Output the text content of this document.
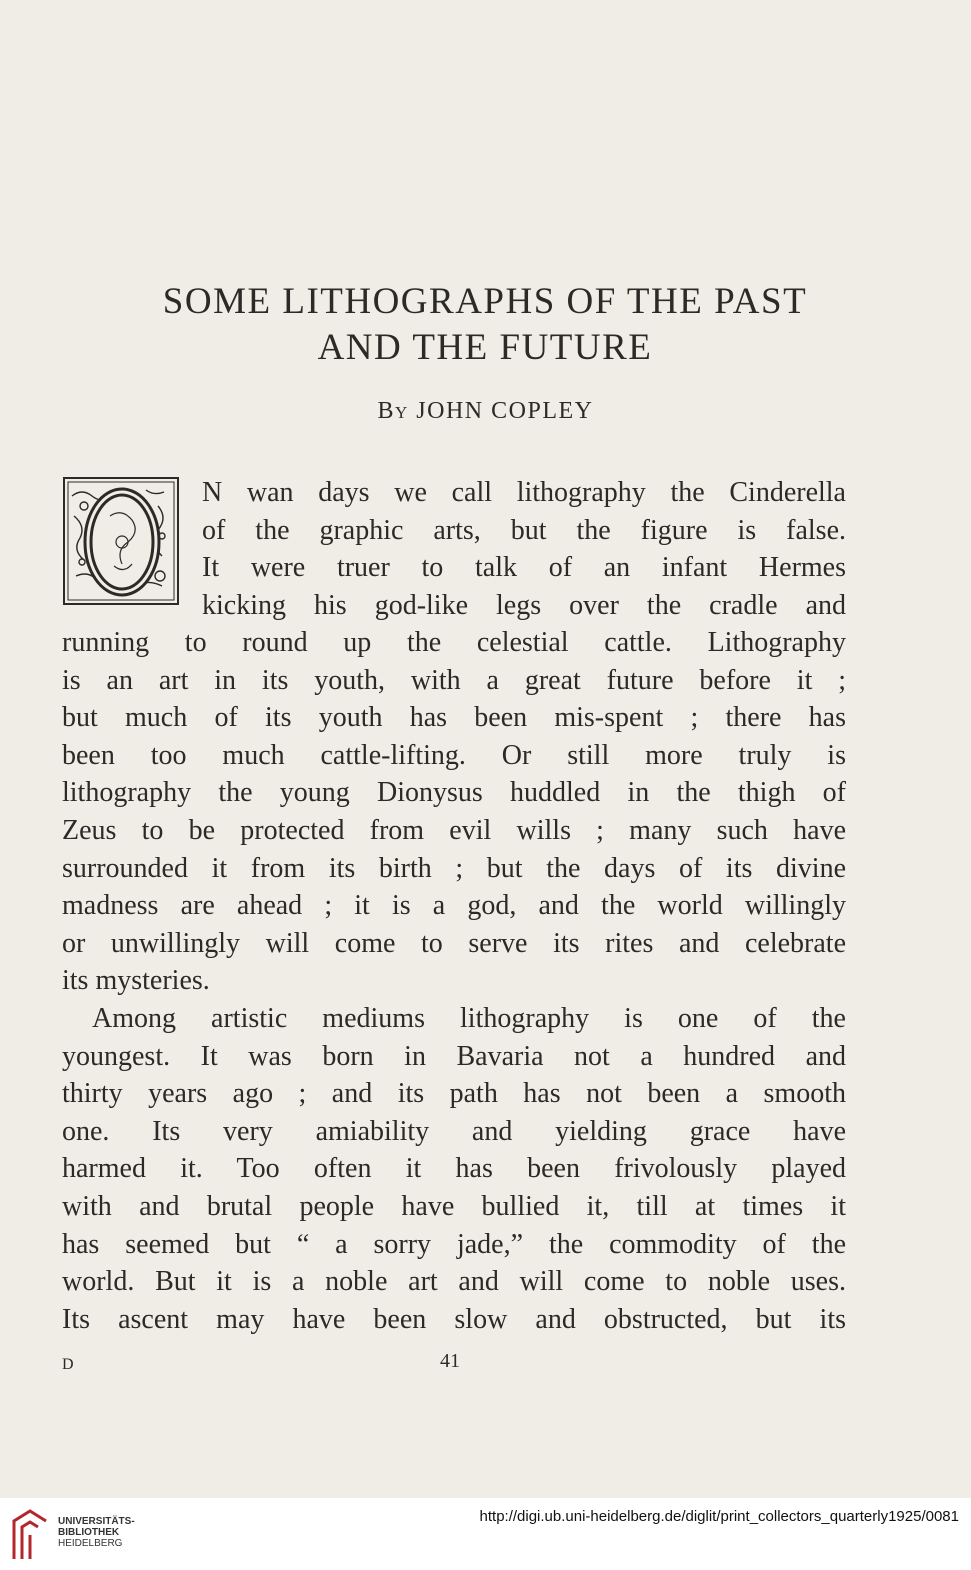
SOME LITHOGRAPHS OF THE PAST
AND THE FUTURE
By JOHN COPLEY
N wan days we call lithography the Cinderella
of the graphic arts, but the figure is false.
It were truer to talk of an infant Hermes
kicking his god-like legs over the cradle and
running to round up the celestial cattle. Lithography
is an art in its youth, with a great future before it ;
but much of its youth has been mis-spent ; there has
been too much cattle-lifting. Or still more truly is
lithography the young Dionysus huddled in the thigh of
Zeus to be protected from evil wills ; many such have
surrounded it from its birth ; but the days of its divine
madness are ahead ; it is a god, and the world willingly
or unwillingly will come to serve its rites and celebrate
its mysteries.
Among artistic mediums lithography is one of the
youngest. It was born in Bavaria not a hundred and
thirty years ago ; and its path has not been a smooth
one. Its very amiability and yielding grace have
harmed it. Too often it has been frivolously played
with and brutal people have bullied it, till at times it
has seemed but “ a sorry jade,” the commodity of the
world. But it is a noble art and will come to noble uses.
Its ascent may have been slow and obstructed, but its
D	41
UNIVERSITÄTS-
BIBLIOTHEK
HEIDELBERG
http://digi.ub.uni-heidelberg.de/diglit/print_collectors_quarterly1925/0081
